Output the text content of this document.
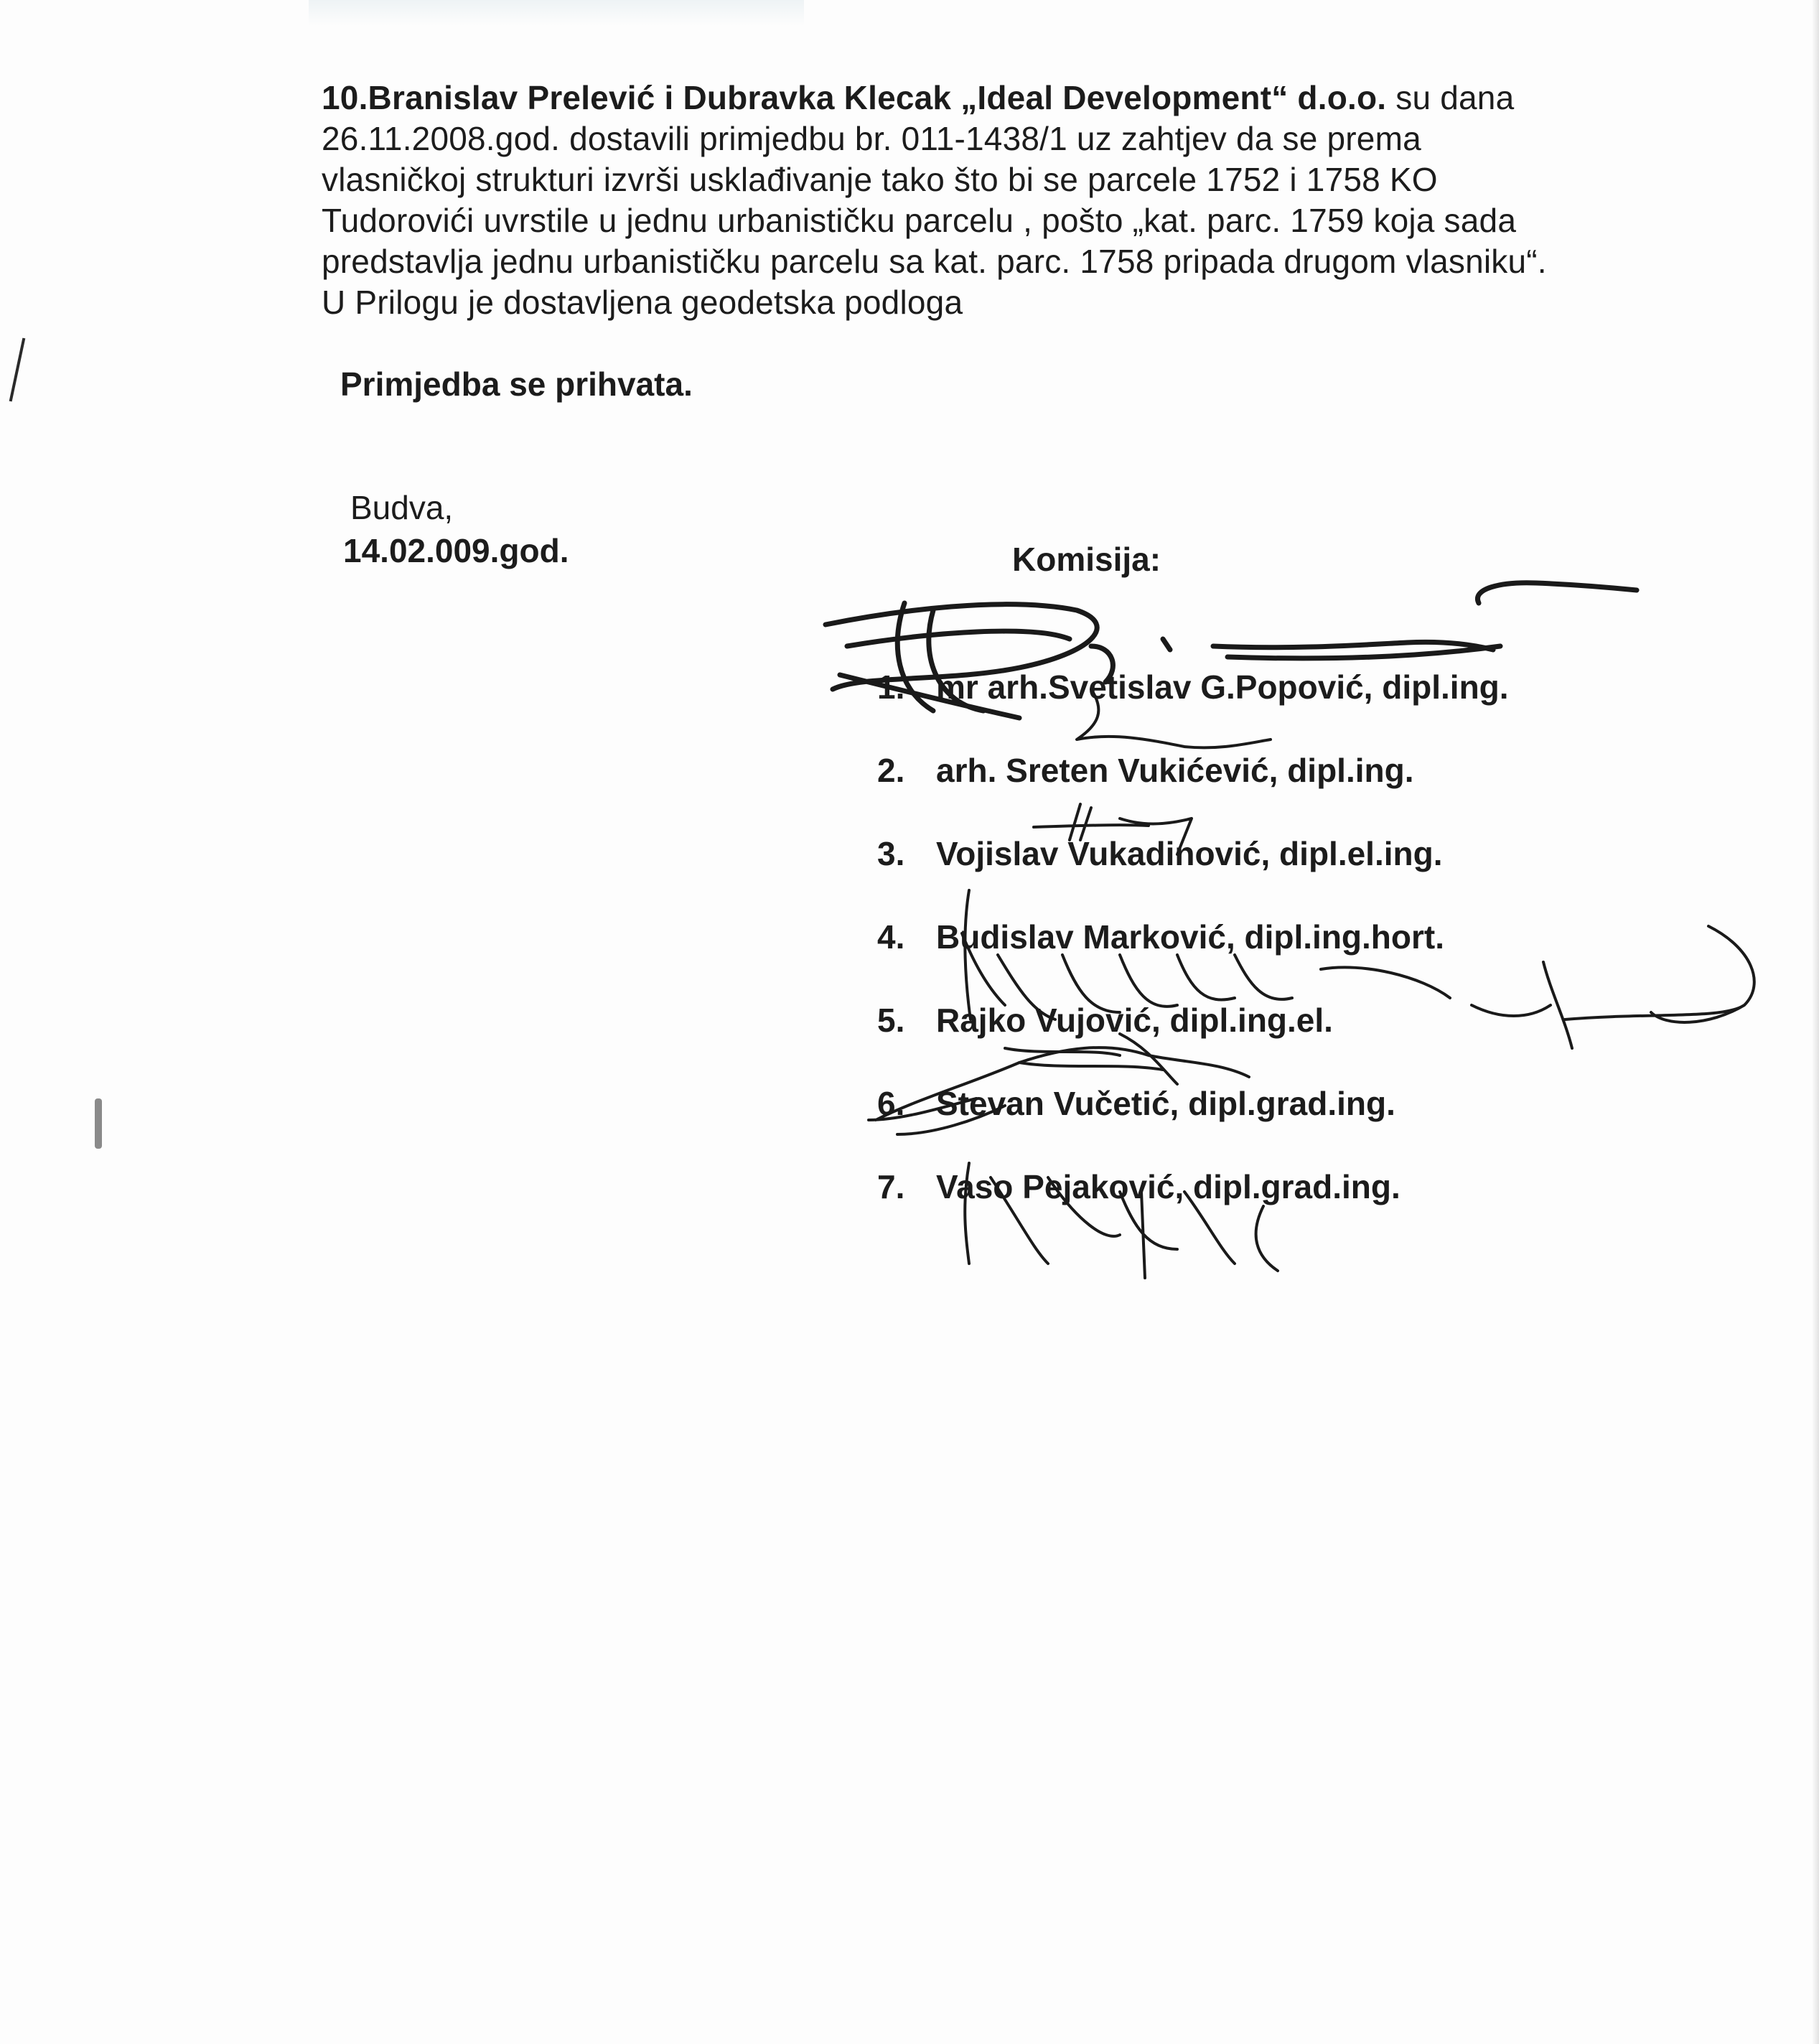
10.Branislav Prelević i Dubravka Klecak „Ideal Development“ d.o.o. su dana
26.11.2008.god. dostavili primjedbu br. 011-1438/1 uz zahtjev da se prema
vlasničkoj strukturi izvrši usklađivanje tako što bi se parcele 1752 i 1758 KO
Tudorovići uvrstile u jednu urbanističku parcelu , pošto „kat. parc. 1759 koja sada
predstavlja jednu urbanističku parcelu sa kat. parc. 1758 pripada drugom vlasniku“.
U Prilogu je dostavljena geodetska podloga

Primjedba se prihvata.

Budva,

14.02.009.god.	Komisija:

1. mr arh.Svetislav G.Popović, dipl.ing.
2. arh. Sreten Vukićević, dipl.ing.
3. Vojislav Vukadinović, dipl.el.ing.
4. Budislav Marković, dipl.ing.hort.
5. Rajko Vujović, dipl.ing.el.
6. Stevan Vučetić, dipl.grad.ing.
7. Vaso Pejaković, dipl.grad.ing.
